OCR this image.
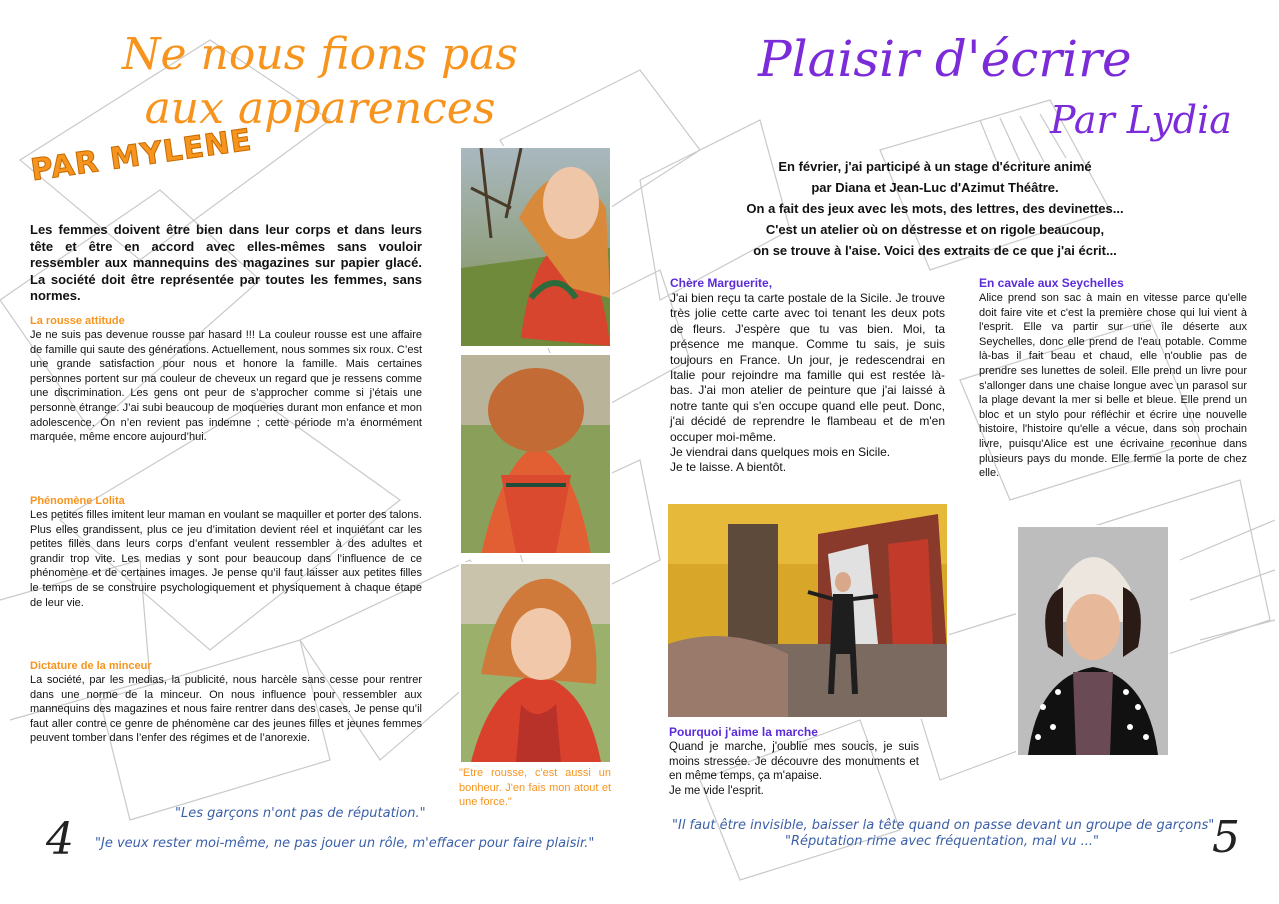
Ne nous fions pas
aux apparences
PAR MYLENE
Les femmes doivent être bien dans leur corps et dans leurs tête et être en accord avec elles-mêmes sans vouloir ressembler aux mannequins des magazines sur papier glacé. La société doit être représentée par toutes les femmes, sans normes.
La rousse attitude
Je ne suis pas devenue rousse par hasard !!! La couleur rousse est une affaire de famille qui saute des générations. Actuellement, nous sommes six roux. C’est une grande satisfaction pour nous et honore la famille. Mais certaines personnes portent sur ma couleur de cheveux un regard que je ressens comme une discrimination. Les gens ont peur de s’approcher comme si j’étais une personne étrange. J’ai subi beaucoup de moqueries durant mon enfance et mon adolescence. On n’en revient pas indemne ; cette période m’a énormément marquée, même encore aujourd’hui.
Phénomène Lolita
Les petites filles imitent leur maman en voulant se maquiller et porter des talons. Plus elles grandissent, plus ce jeu d’imitation devient réel et inquiétant car les petites filles dans leurs corps d’enfant veulent ressembler à des adultes et grandir trop vite. Les medias y sont pour beaucoup dans l’influence de ce phénomène et de certaines images. Je pense qu’il faut laisser aux petites filles le temps de se construire psychologiquement et physiquement à chaque étape de leur vie.
Dictature de la minceur
La société, par les medias, la publicité, nous harcèle sans cesse pour rentrer dans une norme de la minceur. On nous influence pour ressembler aux mannequins des magazines et nous faire rentrer dans des cases. Je pense qu’il faut aller contre ce genre de phénomène car des jeunes filles et jeunes femmes peuvent tomber dans l’enfer des régimes et de l’anorexie.
"Etre rousse, c'est aussi un bonheur. J'en fais mon atout et une force."
"Les garçons n'ont pas de réputation."
"Je veux rester moi-même, ne pas jouer un rôle, m'effacer pour faire plaisir."
4
Plaisir d'écrire
Par Lydia
En février, j'ai participé à un stage d'écriture animé
par Diana et Jean-Luc d'Azimut Théâtre.
On a fait des jeux avec les mots, des lettres, des devinettes...
C'est un atelier où on déstresse et on rigole beaucoup,
on se trouve à l'aise. Voici des extraits de ce que j'ai écrit...
Chère Marguerite,
J'ai bien reçu ta carte postale de la Sicile. Je trouve très jolie cette carte avec toi tenant les deux pots de fleurs. J'espère que tu vas bien. Moi, ta présence me manque. Comme tu sais, je suis toujours en France. Un jour, je redescendrai en Italie pour rejoindre ma famille qui est restée là-bas. J'ai mon atelier de peinture que j'ai laissé à notre tante qui s'en occupe quand elle peut. Donc, j'ai décidé de reprendre le flambeau et de m'en occuper moi-même.
Je viendrai dans quelques mois en Sicile.
Je te laisse. A bientôt.
En cavale aux Seychelles
Alice prend son sac à main en vitesse parce qu'elle doit faire vite et c'est la première chose qui lui vient à l'esprit. Elle va partir sur une île déserte aux Seychelles, donc elle prend de l'eau potable. Comme là-bas il fait beau et chaud, elle n'oublie pas de prendre ses lunettes de soleil. Elle prend un livre pour s'allonger dans une chaise longue avec un parasol sur la plage devant la mer si belle et bleue. Elle prend un bloc et un stylo pour réfléchir et écrire une nouvelle histoire, l'histoire qu'elle a vécue, dans son prochain livre, puisqu'Alice est une écrivaine reconnue dans plusieurs pays du monde. Elle ferme la porte de chez elle.
Pourquoi j'aime la marche
Quand je marche, j'oublie mes soucis, je suis moins stressée. Je découvre des monuments et en même temps, ça m'apaise.
Je me vide l'esprit.
"Il faut être invisible, baisser la tête quand on passe devant un groupe de garçons"
"Réputation rime avec fréquentation, mal vu ..."	5
